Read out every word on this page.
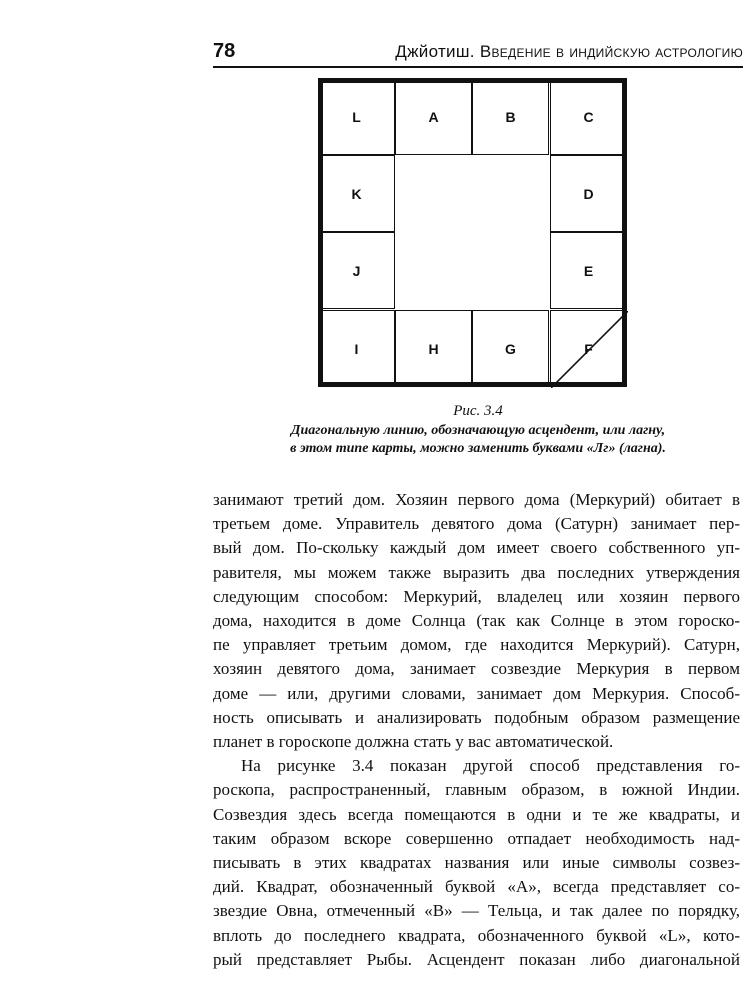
78	Джйотиш. Введение в индийскую астрологию
L	A	B	C
K	D
J	E
I	H	G	F
Рис. 3.4
Диагональную линию, обозначающую асцендент, или лагну,
в этом типе карты, можно заменить буквами «Лг» (лагна).
занимают третий дом. Хозяин первого дома (Меркурий) обитает в
третьем доме. Управитель девятого дома (Сатурн) занимает пер-
вый дом. По-скольку каждый дом имеет своего собственного уп-
равителя, мы можем также выразить два последних утверждения
следующим способом: Меркурий, владелец или хозяин первого
дома, находится в доме Солнца (так как Солнце в этом гороско-
пе управляет третьим домом, где находится Меркурий). Сатурн,
хозяин девятого дома, занимает созвездие Меркурия в первом
доме — или, другими словами, занимает дом Меркурия. Способ-
ность описывать и анализировать подобным образом размещение
планет в гороскопе должна стать у вас автоматической.
На рисунке 3.4 показан другой способ представления го-
роскопа, распространенный, главным образом, в южной Индии.
Созвездия здесь всегда помещаются в одни и те же квадраты, и
таким образом вскоре совершенно отпадает необходимость над-
писывать в этих квадратах названия или иные символы созвез-
дий. Квадрат, обозначенный буквой «А», всегда представляет со-
звездие Овна, отмеченный «В» — Тельца, и так далее по порядку,
вплоть до последнего квадрата, обозначенного буквой «L», кото-
рый представляет Рыбы. Асцендент показан либо диагональной
